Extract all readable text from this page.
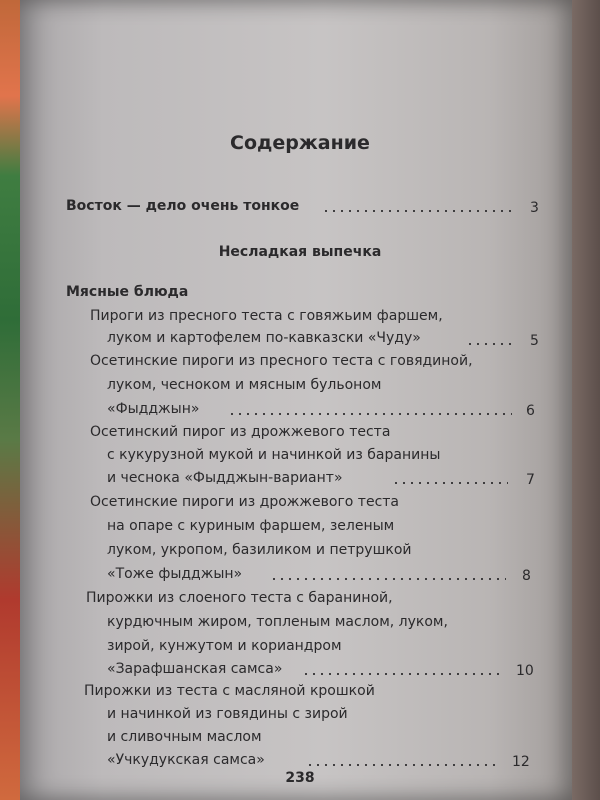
Содержание
Восток — дело очень тонкое	3
Несладкая выпечка
Мясные блюда
Пироги из пресного теста с говяжьим фаршем,
луком и картофелем по-кавказски «Чуду»	5
Осетинские пироги из пресного теста с говядиной,
луком, чесноком и мясным бульоном
«Фыдджын»	6
Осетинский пирог из дрожжевого теста
с кукурузной мукой и начинкой из баранины
и чеснока «Фыдджын-вариант»	7
Осетинские пироги из дрожжевого теста
на опаре с куриным фаршем, зеленым
луком, укропом, базиликом и петрушкой
«Тоже фыдджын»	8
Пирожки из слоеного теста с бараниной,
курдючным жиром, топленым маслом, луком,
зирой, кунжутом и кориандром
«Зарафшанская самса»	10
Пирожки из теста с масляной крошкой
и начинкой из говядины с зирой
и сливочным маслом
«Учкудукская самса»	12
238
